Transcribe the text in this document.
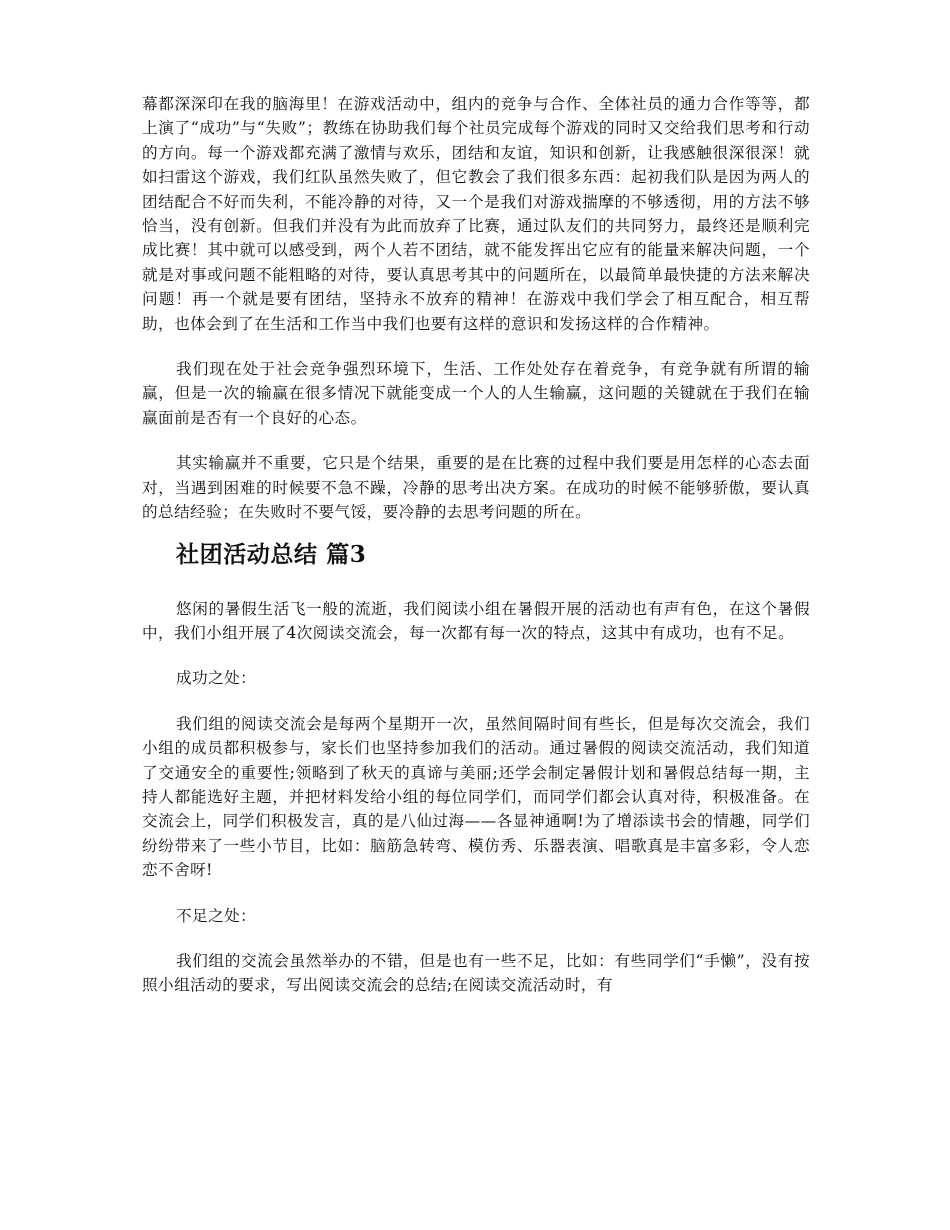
幕都深深印在我的脑海里！在游戏活动中，组内的竞争与合作、全体社员的通力合作等等，都上演了“成功”与“失败”；教练在协助我们每个社员完成每个游戏的同时又交给我们思考和行动的方向。每一个游戏都充满了激情与欢乐，团结和友谊，知识和创新，让我感触很深很深！就如扫雷这个游戏，我们红队虽然失败了，但它教会了我们很多东西：起初我们队是因为两人的团结配合不好而失利，不能冷静的对待，又一个是我们对游戏揣摩的不够透彻，用的方法不够恰当，没有创新。但我们并没有为此而放弃了比赛，通过队友们的共同努力，最终还是顺利完成比赛！其中就可以感受到，两个人若不团结，就不能发挥出它应有的能量来解决问题，一个就是对事或问题不能粗略的对待，要认真思考其中的问题所在，以最简单最快捷的方法来解决问题！再一个就是要有团结，坚持永不放弃的精神！在游戏中我们学会了相互配合，相互帮助，也体会到了在生活和工作当中我们也要有这样的意识和发扬这样的合作精神。

我们现在处于社会竞争强烈环境下，生活、工作处处存在着竞争，有竞争就有所谓的输赢，但是一次的输赢在很多情况下就能变成一个人的人生输赢，这问题的关键就在于我们在输赢面前是否有一个良好的心态。

其实输赢并不重要，它只是个结果，重要的是在比赛的过程中我们要是用怎样的心态去面对，当遇到困难的时候要不急不躁，冷静的思考出决方案。在成功的时候不能够骄傲，要认真的总结经验；在失败时不要气馁，要冷静的去思考问题的所在。

社团活动总结 篇3

悠闲的暑假生活飞一般的流逝，我们阅读小组在暑假开展的活动也有声有色，在这个暑假中，我们小组开展了4次阅读交流会，每一次都有每一次的特点，这其中有成功，也有不足。

成功之处：

我们组的阅读交流会是每两个星期开一次，虽然间隔时间有些长，但是每次交流会，我们小组的成员都积极参与，家长们也坚持参加我们的活动。通过暑假的阅读交流活动，我们知道了交通安全的重要性;领略到了秋天的真谛与美丽;还学会制定暑假计划和暑假总结每一期，主持人都能选好主题，并把材料发给小组的每位同学们，而同学们都会认真对待，积极准备。在交流会上，同学们积极发言，真的是八仙过海——各显神通啊!为了增添读书会的情趣，同学们纷纷带来了一些小节目，比如：脑筋急转弯、模仿秀、乐器表演、唱歌真是丰富多彩，令人恋恋不舍呀!

不足之处：

我们组的交流会虽然举办的不错，但是也有一些不足，比如：有些同学们“手懒”，没有按照小组活动的要求，写出阅读交流会的总结;在阅读交流活动时，有
